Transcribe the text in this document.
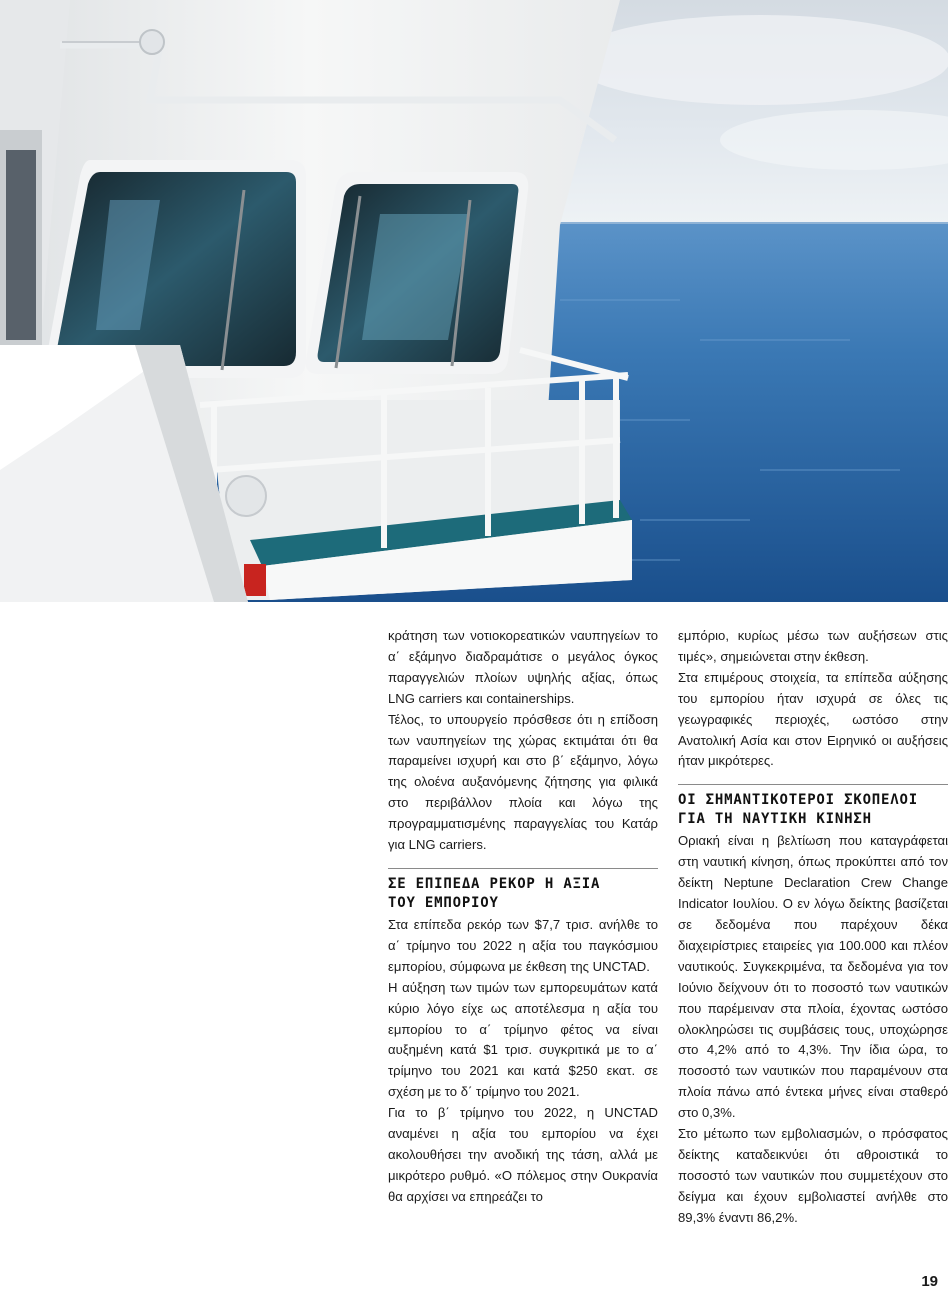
κράτηση των νοτιοκορεατικών ναυπηγείων το α΄ εξάμηνο διαδραμάτισε ο μεγάλος όγκος παραγγελιών πλοίων υψηλής αξίας, όπως LNG carriers και containerships.

Τέλος, το υπουργείο πρόσθεσε ότι η επίδοση των ναυπηγείων της χώρας εκτιμάται ότι θα παραμείνει ισχυρή και στο β΄ εξάμηνο, λόγω της ολοένα αυξανόμενης ζήτησης για φιλικά στο περιβάλλον πλοία και λόγω της προγραμματισμένης παραγγελίας του Κατάρ για LNG carriers.

ΣΕ ΕΠΙΠΕΔΑ ΡΕΚΟΡ Η ΑΞΙΑ
ΤΟΥ ΕΜΠΟΡΙΟΥ

Στα επίπεδα ρεκόρ των $7,7 τρισ. ανήλθε το α΄ τρίμηνο του 2022 η αξία του παγκόσμιου εμπορίου, σύμφωνα με έκθεση της UNCTAD.

Η αύξηση των τιμών των εμπορευμάτων κατά κύριο λόγο είχε ως αποτέλεσμα η αξία του εμπορίου το α΄ τρίμηνο φέτος να είναι αυξημένη κατά $1 τρισ. συγκριτικά με το α΄ τρίμηνο του 2021 και κατά $250 εκατ. σε σχέση με το δ΄ τρίμηνο του 2021.

Για το β΄ τρίμηνο του 2022, η UNCTAD αναμένει η αξία του εμπορίου να έχει ακολουθήσει την ανοδική της τάση, αλλά με μικρότερο ρυθμό. «Ο πόλεμος στην Ουκρανία θα αρχίσει να επηρεάζει το

εμπόριο, κυρίως μέσω των αυξήσεων στις τιμές», σημειώνεται στην έκθεση.

Στα επιμέρους στοιχεία, τα επίπεδα αύξησης του εμπορίου ήταν ισχυρά σε όλες τις γεωγραφικές περιοχές, ωστόσο στην Ανατολική Ασία και στον Ειρηνικό οι αυξήσεις ήταν μικρότερες.

ΟΙ ΣΗΜΑΝΤΙΚΟΤΕΡΟΙ ΣΚΟΠΕΛΟΙ
ΓΙΑ ΤΗ ΝΑΥΤΙΚΗ ΚΙΝΗΣΗ

Οριακή είναι η βελτίωση που καταγράφεται στη ναυτική κίνηση, όπως προκύπτει από τον δείκτη Neptune Declaration Crew Change Indicator Ιουλίου. Ο εν λόγω δείκτης βασίζεται σε δεδομένα που παρέχουν δέκα διαχειρίστριες εταιρείες για 100.000 και πλέον ναυτικούς. Συγκεκριμένα, τα δεδομένα για τον Ιούνιο δείχνουν ότι το ποσοστό των ναυτικών που παρέμειναν στα πλοία, έχοντας ωστόσο ολοκληρώσει τις συμβάσεις τους, υποχώρησε στο 4,2% από το 4,3%. Την ίδια ώρα, το ποσοστό των ναυτικών που παραμένουν στα πλοία πάνω από έντεκα μήνες είναι σταθερό στο 0,3%.

Στο μέτωπο των εμβολιασμών, ο πρόσφατος δείκτης καταδεικνύει ότι αθροιστικά το ποσοστό των ναυτικών που συμμετέχουν στο δείγμα και έχουν εμβολιαστεί ανήλθε στο 89,3% έναντι 86,2%.

19
